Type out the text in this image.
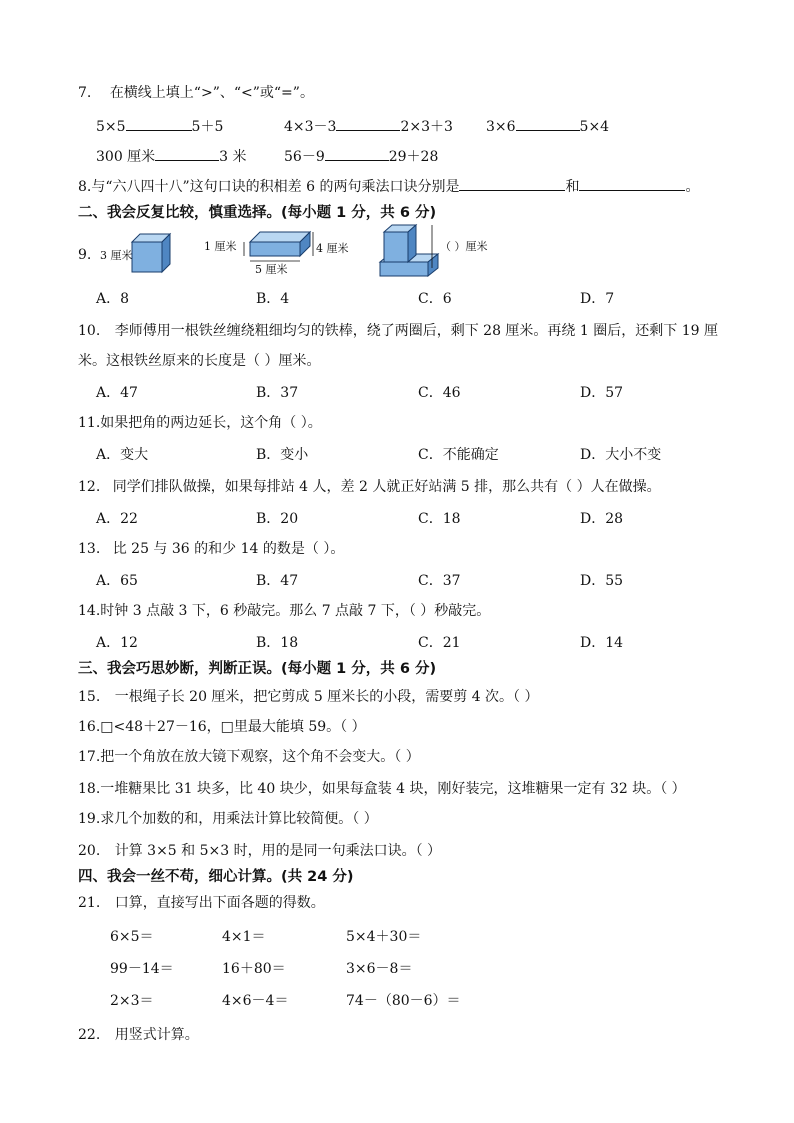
7. 在横线上填上“>”、“<”或“=”。
5×5	5＋5	4×3－3	2×3＋3 3×6	5×4
300 厘米	3 米	56－9	29＋28
8.与“六八四十八”这句口诀的积相差 6 的两句乘法口诀分别是	和	。
二、我会反复比较，慎重选择。(每小题 1 分，共 6 分)
9. 3 厘米
1 厘米	4 厘米
5 厘米
（ ）厘米
A．8	B．4	C．6	D．7
10. 李师傅用一根铁丝缠绕粗细均匀的铁棒，绕了两圈后，剩下 28 厘米。再绕 1 圈后，还剩下 19 厘
米。这根铁丝原来的长度是（ ）厘米。
A．47	B．37	C．46	D．57
11.如果把角的两边延长，这个角（ ）。
A．变大	B．变小	C．不能确定	D．大小不变
12. 同学们排队做操，如果每排站 4 人，差 2 人就正好站满 5 排，那么共有（ ）人在做操。
A．22	B．20	C．18	D．28
13. 比 25 与 36 的和少 14 的数是（ ）。
A．65	B．47	C．37	D．55
14.时钟 3 点敲 3 下，6 秒敲完。那么 7 点敲 7 下，（ ）秒敲完。
A．12	B．18	C．21	D．14
三、我会巧思妙断，判断正误。(每小题 1 分，共 6 分)
15. 一根绳子长 20 厘米，把它剪成 5 厘米长的小段，需要剪 4 次。（ ）
16.□<48＋27－16，□里最大能填 59。（ ）
17.把一个角放在放大镜下观察，这个角不会变大。（ ）
18.一堆糖果比 31 块多，比 40 块少，如果每盒装 4 块，刚好装完，这堆糖果一定有 32 块。（ ）
19.求几个加数的和，用乘法计算比较简便。（ ）
20. 计算 3×5 和 5×3 时，用的是同一句乘法口诀。（ ）
四、我会一丝不苟，细心计算。(共 24 分)
21. 口算，直接写出下面各题的得数。
6×5＝	4×1＝	5×4＋30＝
99－14＝	16＋80＝	3×6－8＝
2×3＝	4×6－4＝	74－（80－6）＝
22. 用竖式计算。
